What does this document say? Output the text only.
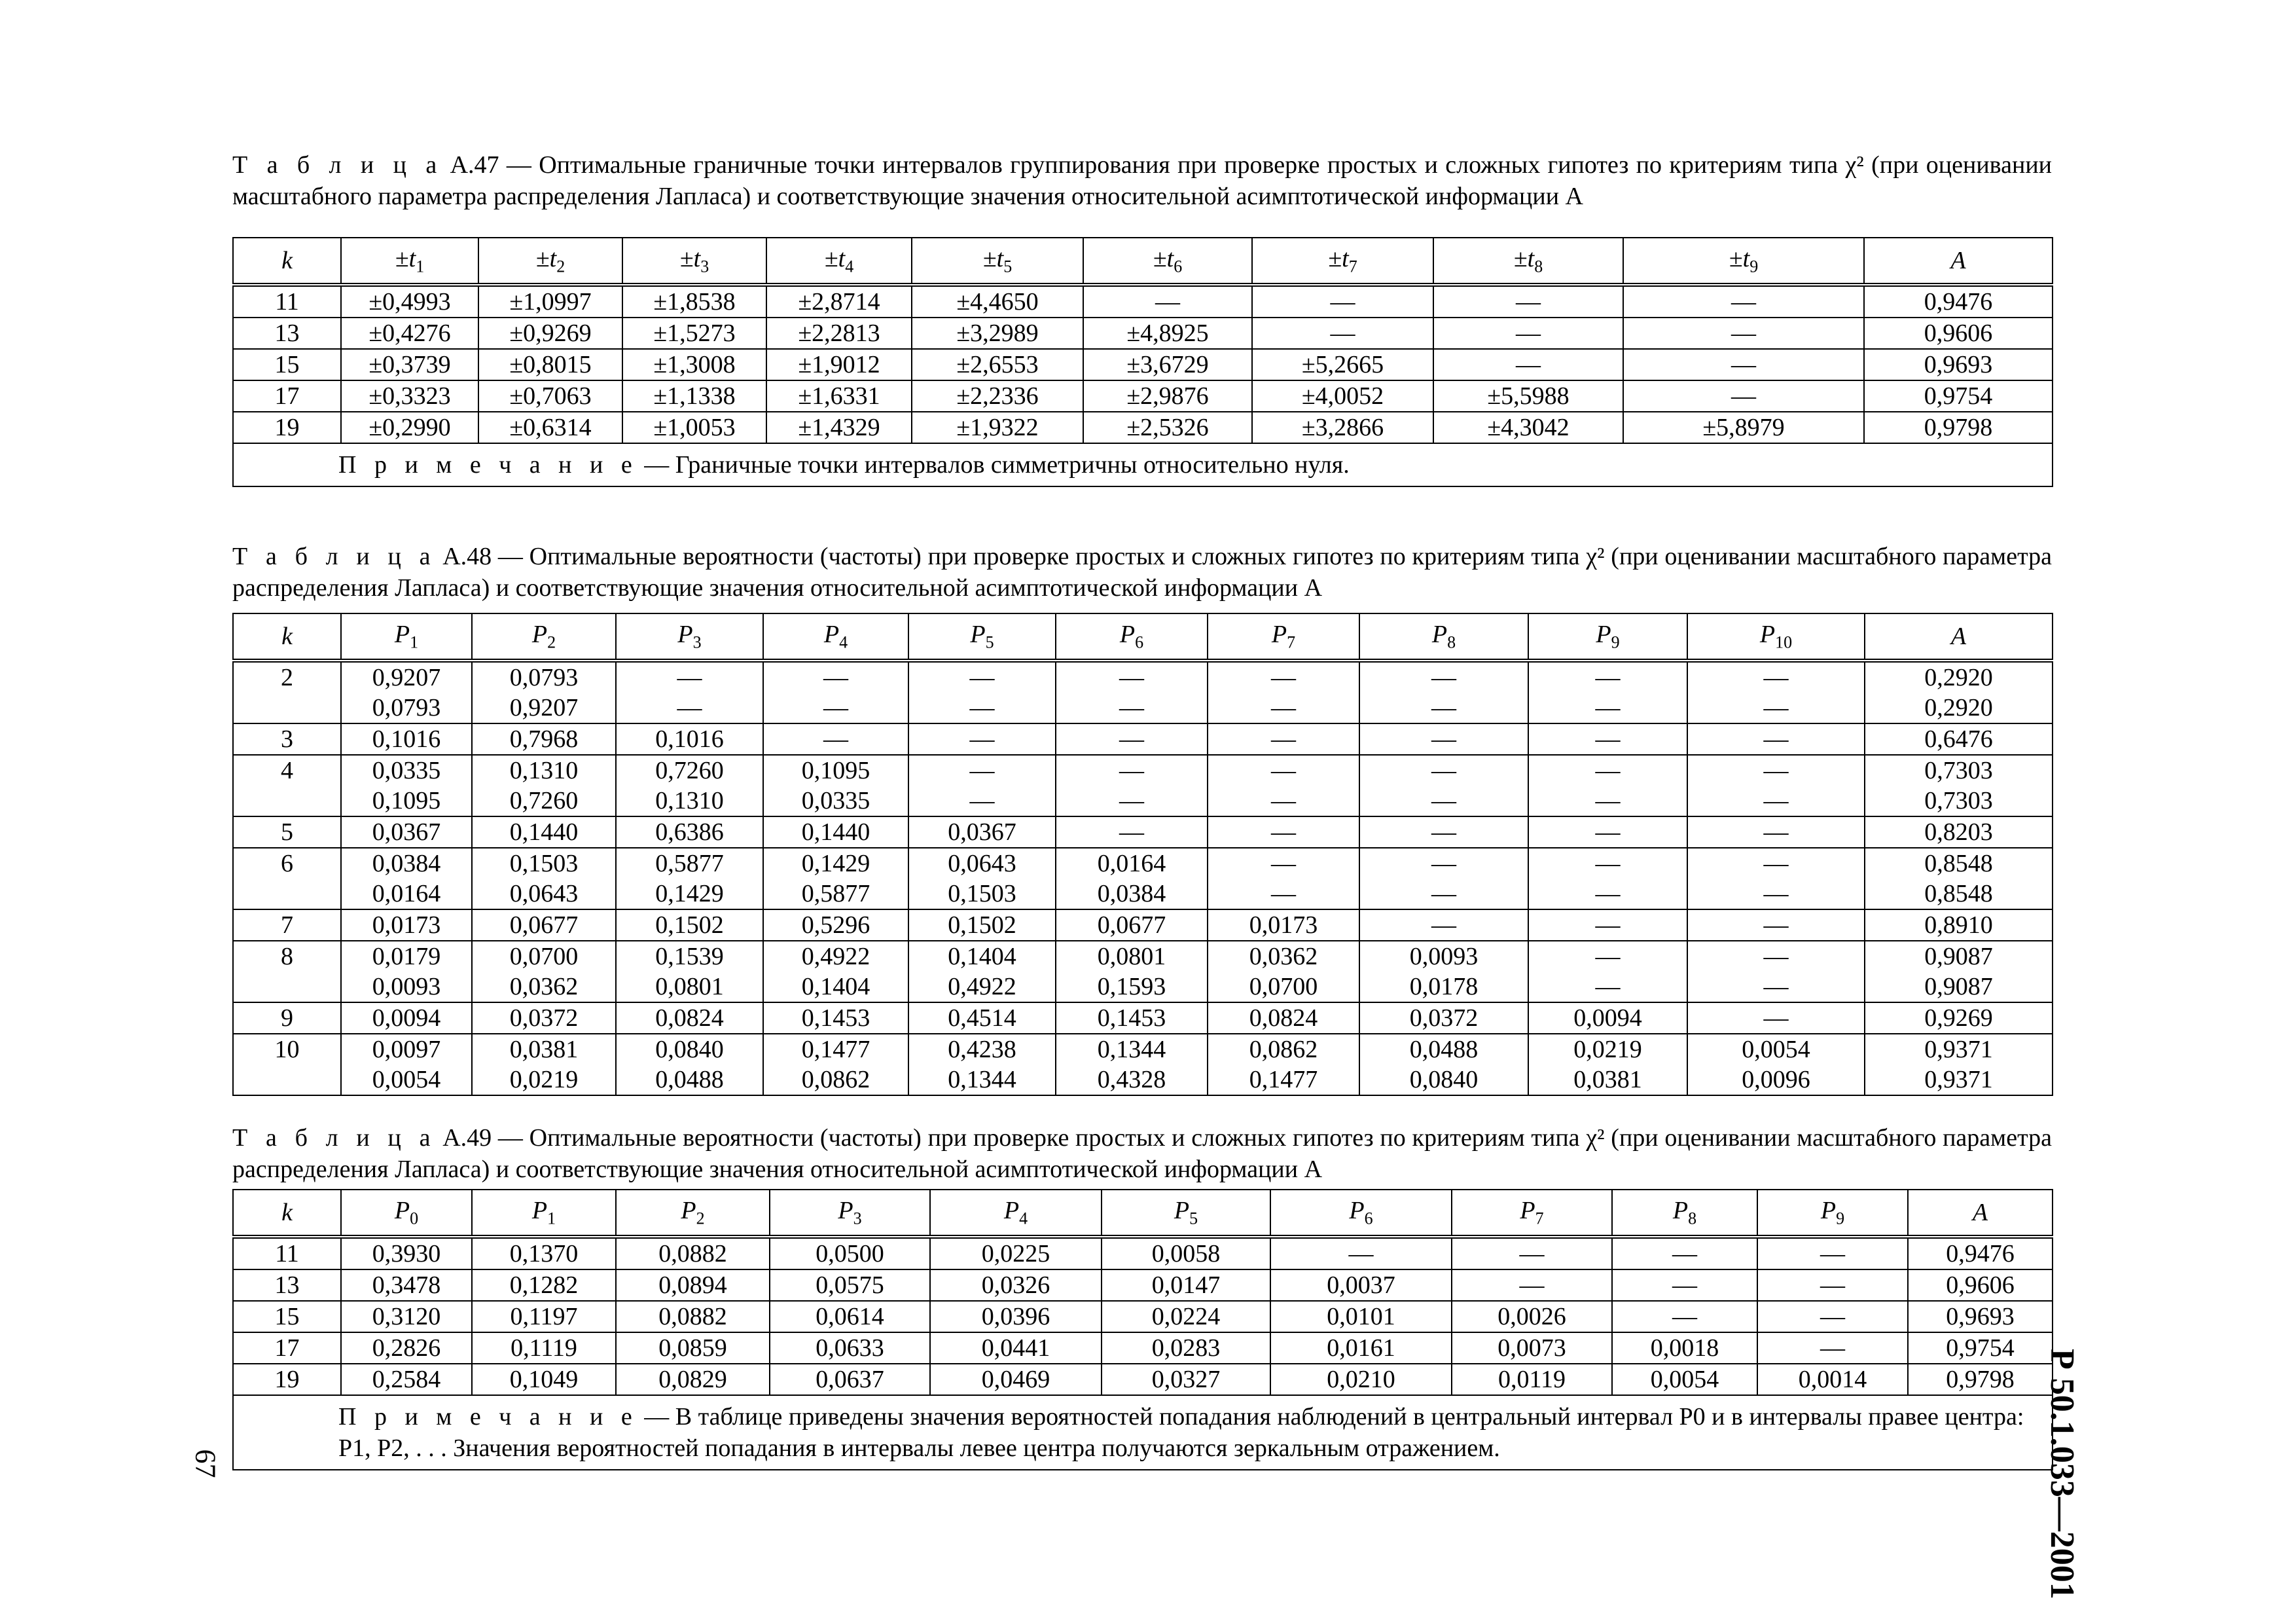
Т а б л и ц а А.47 — Оптимальные граничные точки интервалов группирования при проверке простых и сложных гипотез по критериям типа χ² (при оценивании масштабного параметра распределения Лапласа) и соответствующие значения относительной асимптотической информации A
k	$\pm t_1$	$\pm t_2$	$\pm t_3$	$\pm t_4$	$\pm t_5$	$\pm t_6$	$\pm t_7$	$\pm t_8$	$\pm t_9$	A
11	±0,4993	±1,0997	±1,8538	±2,8714	±4,4650	—	—	—	—	0,9476
13	±0,4276	±0,9269	±1,5273	±2,2813	±3,2989	±4,8925	—	—	—	0,9606
15	±0,3739	±0,8015	±1,3008	±1,9012	±2,6553	±3,6729	±5,2665	—	—	0,9693
17	±0,3323	±0,7063	±1,1338	±1,6331	±2,2336	±2,9876	±4,0052	±5,5988	—	0,9754
19	±0,2990	±0,6314	±1,0053	±1,4329	±1,9322	±2,5326	±3,2866	±4,3042	±5,8979	0,9798
П р и м е ч а н и е — Граничные точки интервалов симметричны относительно нуля.										
Т а б л и ц а А.48 — Оптимальные вероятности (частоты) при проверке простых и сложных гипотез по критериям типа χ² (при оценивании масштабного параметра распределения Лапласа) и соответствующие значения относительной асимптотической информации A
k	$P_1$	$P_2$	$P_3$	$P_4$	$P_5$	$P_6$	$P_7$	$P_8$	$P_9$	$P_{10}$	A
2	0,9207	0,0793	—	—	—	—	—	—	—	—	0,2920
	0,0793	0,9207	—	—	—	—	—	—	—	—	0,2920
3	0,1016	0,7968	0,1016	—	—	—	—	—	—	—	0,6476
4	0,0335	0,1310	0,7260	0,1095	—	—	—	—	—	—	0,7303
	0,1095	0,7260	0,1310	0,0335	—	—	—	—	—	—	0,7303
5	0,0367	0,1440	0,6386	0,1440	0,0367	—	—	—	—	—	0,8203
6	0,0384	0,1503	0,5877	0,1429	0,0643	0,0164	—	—	—	—	0,8548
	0,0164	0,0643	0,1429	0,5877	0,1503	0,0384	—	—	—	—	0,8548
7	0,0173	0,0677	0,1502	0,5296	0,1502	0,0677	0,0173	—	—	—	0,8910
8	0,0179	0,0700	0,1539	0,4922	0,1404	0,0801	0,0362	0,0093	—	—	0,9087
	0,0093	0,0362	0,0801	0,1404	0,4922	0,1593	0,0700	0,0178	—	—	0,9087
9	0,0094	0,0372	0,0824	0,1453	0,4514	0,1453	0,0824	0,0372	0,0094	—	0,9269
10	0,0097	0,0381	0,0840	0,1477	0,4238	0,1344	0,0862	0,0488	0,0219	0,0054	0,9371
	0,0054	0,0219	0,0488	0,0862	0,1344	0,4328	0,1477	0,0840	0,0381	0,0096	0,9371
Т а б л и ц а А.49 — Оптимальные вероятности (частоты) при проверке простых и сложных гипотез по критериям типа χ² (при оценивании масштабного параметра распределения Лапласа) и соответствующие значения относительной асимптотической информации A
k	$P_0$	$P_1$	$P_2$	$P_3$	$P_4$	$P_5$	$P_6$	$P_7$	$P_8$	$P_9$	A
11	0,3930	0,1370	0,0882	0,0500	0,0225	0,0058	—	—	—	—	0,9476
13	0,3478	0,1282	0,0894	0,0575	0,0326	0,0147	0,0037	—	—	—	0,9606
15	0,3120	0,1197	0,0882	0,0614	0,0396	0,0224	0,0101	0,0026	—	—	0,9693
17	0,2826	0,1119	0,0859	0,0633	0,0441	0,0283	0,0161	0,0073	0,0018	—	0,9754
19	0,2584	0,1049	0,0829	0,0637	0,0469	0,0327	0,0210	0,0119	0,0054	0,0014	0,9798
П р и м е ч а н и е — В таблице приведены значения вероятностей попадания наблюдений в центральный интервал P0 и в интервалы правее центра: P1, P2, . . . Значения вероятностей попадания в интервалы левее центра получаются зеркальным отражением.											
67	Р 50.1.033—2001
